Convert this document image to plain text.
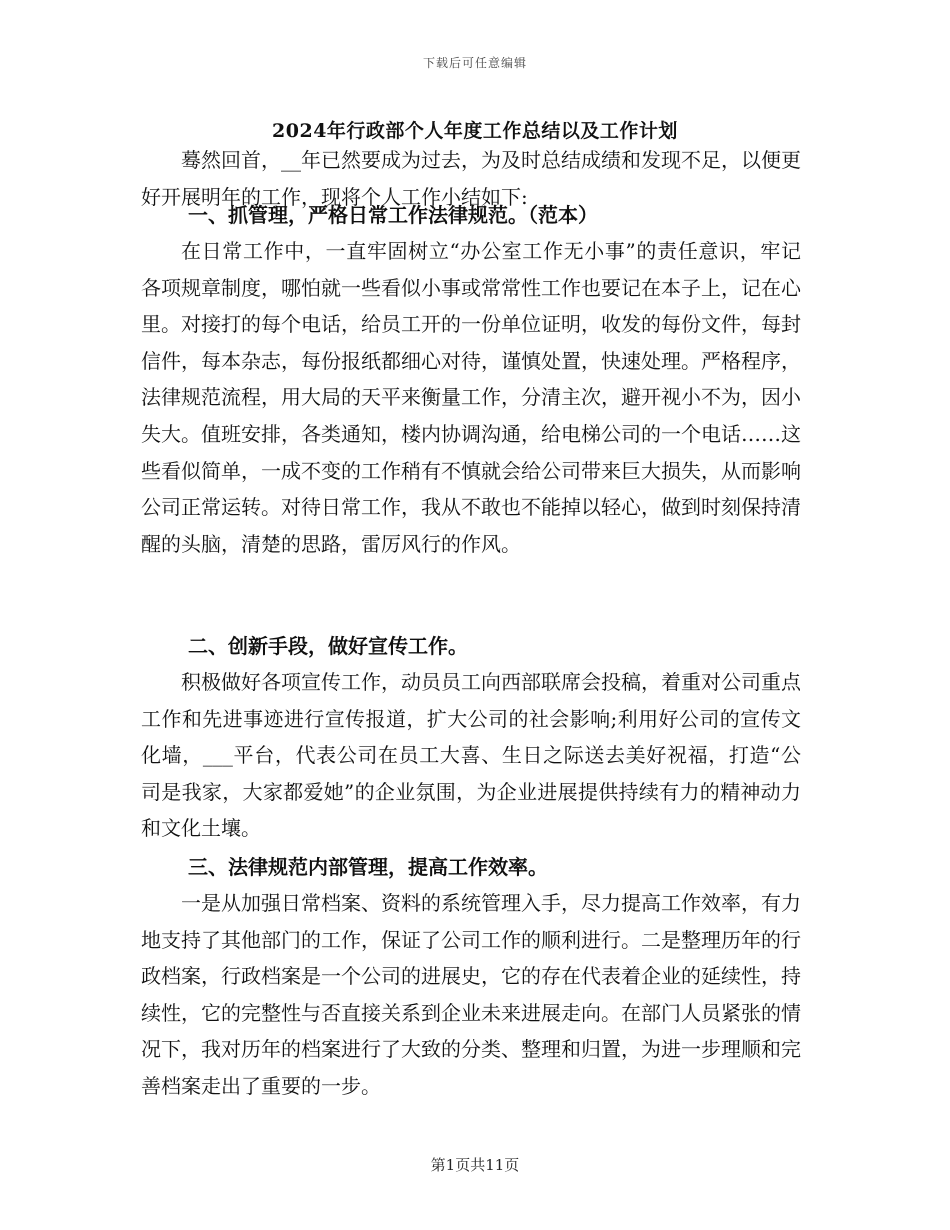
下载后可任意编辑
2024年行政部个人年度工作总结以及工作计划

蓦然回首，__年已然要成为过去，为及时总结成绩和发现不足，以便更好开展明年的工作，现将个人工作小结如下:

一、抓管理，严格日常工作法律规范。（范本）

在日常工作中，一直牢固树立“办公室工作无小事”的责任意识，牢记各项规章制度，哪怕就一些看似小事或常常性工作也要记在本子上，记在心里。对接打的每个电话，给员工开的一份单位证明，收发的每份文件，每封信件，每本杂志，每份报纸都细心对待，谨慎处置，快速处理。严格程序，法律规范流程，用大局的天平来衡量工作，分清主次，避开视小不为，因小失大。值班安排，各类通知，楼内协调沟通，给电梯公司的一个电话……这些看似简单，一成不变的工作稍有不慎就会给公司带来巨大损失，从而影响公司正常运转。对待日常工作，我从不敢也不能掉以轻心，做到时刻保持清醒的头脑，清楚的思路，雷厉风行的作风。

二、创新手段，做好宣传工作。

积极做好各项宣传工作，动员员工向西部联席会投稿，着重对公司重点工作和先进事迹进行宣传报道，扩大公司的社会影响;利用好公司的宣传文化墙，___平台，代表公司在员工大喜、生日之际送去美好祝福，打造“公司是我家，大家都爱她”的企业氛围，为企业进展提供持续有力的精神动力和文化土壤。

三、法律规范内部管理，提高工作效率。

一是从加强日常档案、资料的系统管理入手，尽力提高工作效率，有力地支持了其他部门的工作，保证了公司工作的顺利进行。二是整理历年的行政档案，行政档案是一个公司的进展史，它的存在代表着企业的延续性，持续性，它的完整性与否直接关系到企业未来进展走向。在部门人员紧张的情况下，我对历年的档案进行了大致的分类、整理和归置，为进一步理顺和完善档案走出了重要的一步。

第1页共11页
